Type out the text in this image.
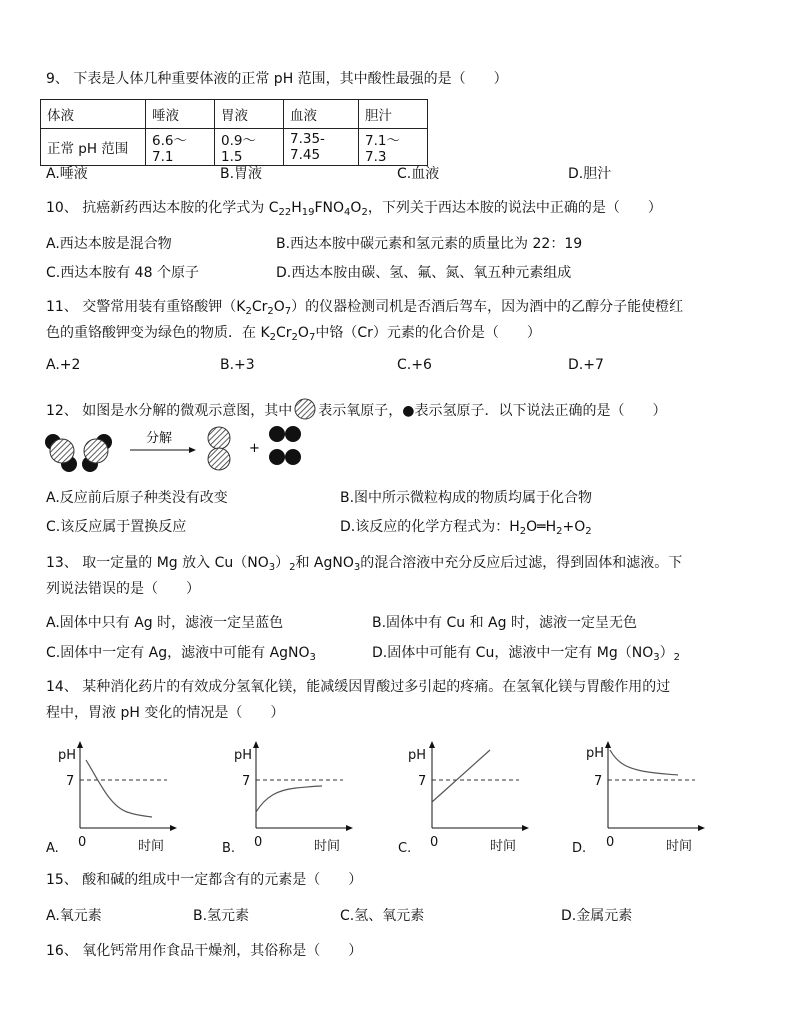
9、 下表是人体几种重要体液的正常 pH 范围，其中酸性最强的是（　　）
体液	唾液	胃液	血液	胆汁
正常 pH 范围	6.6～7.1	0.9～1.5	7.35-7.45	7.1～7.3
A.唾液	B.胃液	C.血液	D.胆汁
10、 抗癌新药西达本胺的化学式为 $C_{22}H_{19}FNO_4O_2$，下列关于西达本胺的说法中正确的是（　　）
A.西达本胺是混合物	B.西达本胺中碳元素和氢元素的质量比为 22：19
C.西达本胺有 48 个原子	D.西达本胺由碳、氢、氟、氮、氧五种元素组成
11、 交警常用装有重铬酸钾$(K_2Cr_2O_7)$的仪器检测司机是否酒后驾车，因为酒中的乙醇分子能使橙红
色的重铬酸钾变为绿色的物质．在 $K_2Cr_2O_7$中铬（Cr）元素的化合价是（　　）
A.+2	B.+3	C.+6	D.+7
12、 如图是水分解的微观示意图，其中 表示氧原子，●表示氢原子．以下说法正确的是（　　）
分解
+
A.反应前后原子种类没有改变	B.图中所示微粒构成的物质均属于化合物
C.该反应属于置换反应	D.该反应的化学方程式为：$H_2O═H_2+O_2$
13、 取一定量的 Mg 放入 $Cu(NO_3)_2$和 AgNO$_3$的混合溶液中充分反应后过滤，得到固体和滤液。下
列说法错误的是（　　）
A.固体中只有 Ag 时，滤液一定呈蓝色	B.固体中有 Cu 和 Ag 时，滤液一定呈无色
C.固体中一定有 Ag，滤液中可能有 AgNO$_3$	D.固体中可能有 Cu，滤液中一定有 $Mg(NO_3)_2$
14、 某种消化药片的有效成分氢氧化镁，能减缓因胃酸过多引起的疼痛。在氢氧化镁与胃酸作用的过
程中，胃液 pH 变化的情况是（　　）
pH
7
0	时间
A.
pH
7
0	时间
B.
pH
7
0	时间
C.
pH
7
0	时间
D.
15、 酸和碱的组成中一定都含有的元素是（　　）
A.氧元素	B.氢元素	C.氢、氧元素	D.金属元素
16、 氧化钙常用作食品干燥剂，其俗称是（　　）
